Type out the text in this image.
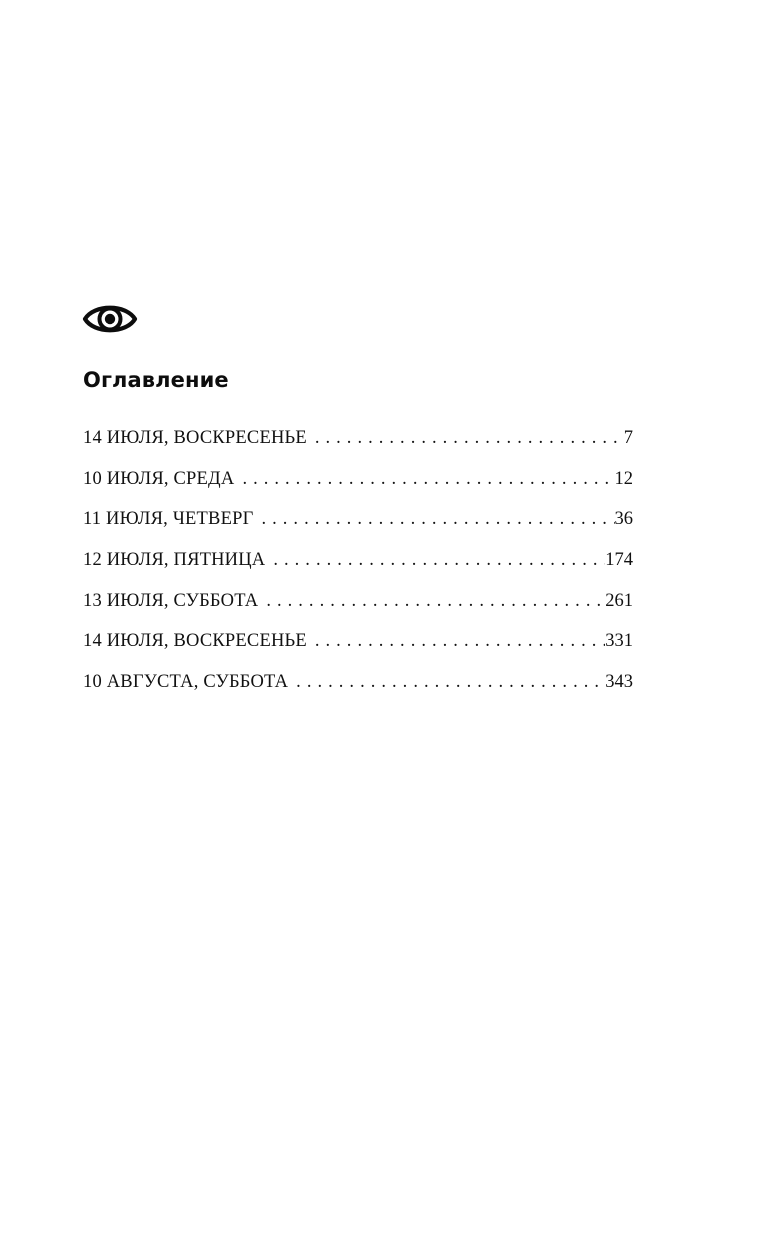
Оглавление
14 ИЮЛЯ, ВОСКРЕСЕНЬЕ . . .	7
10 ИЮЛЯ, СРЕДА . . .	12
11 ИЮЛЯ, ЧЕТВЕРГ . . .	36
12 ИЮЛЯ, ПЯТНИЦА . . .	174
13 ИЮЛЯ, СУББОТА . . .	261
14 ИЮЛЯ, ВОСКРЕСЕНЬЕ . . .	331
10 АВГУСТА, СУББОТА . . .	343
